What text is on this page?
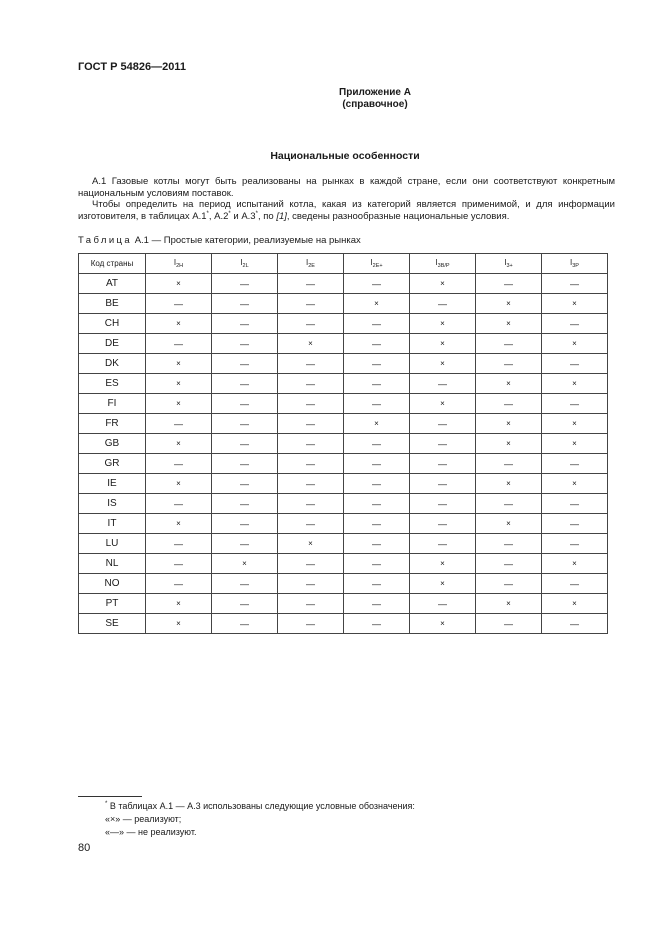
ГОСТ Р 54826—2011
Приложение А
(справочное)
Национальные особенности
А.1 Газовые котлы могут быть реализованы на рынках в каждой стране, если они соответствуют конкретным национальным условиям поставок.
Чтобы определить на период испытаний котла, какая из категорий является применимой, и для информации изготовителя, в таблицах А.1*, А.2* и А.3*, по [1], сведены разнообразные национальные условия.
Таблица А.1 — Простые категории, реализуемые на рынках
Код страны	$I_{2H}$	$I_{2L}$	$I_{2E}$	$I_{2E+}$	$I_{3B/P}$	$I_{3+}$	$I_{3P}$
AT	×	—	—	—	×	—	—
BE	—	—	—	×	—	×	×
CH	×	—	—	—	×	×	—
DE	—	—	×	—	×	—	×
DK	×	—	—	—	×	—	—
ES	×	—	—	—	—	×	×
FI	×	—	—	—	×	—	—
FR	—	—	—	×	—	×	×
GB	×	—	—	—	—	×	×
GR	—	—	—	—	—	—	—
IE	×	—	—	—	—	×	×
IS	—	—	—	—	—	—	—
IT	×	—	—	—	—	×	—
LU	—	—	×	—	—	—	—
NL	—	×	—	—	×	—	×
NO	—	—	—	—	×	—	—
PT	×	—	—	—	—	×	×
SE	×	—	—	—	×	—	—
* В таблицах А.1 — А.3 использованы следующие условные обозначения:
«×» — реализуют;
«—» — не реализуют.
80
